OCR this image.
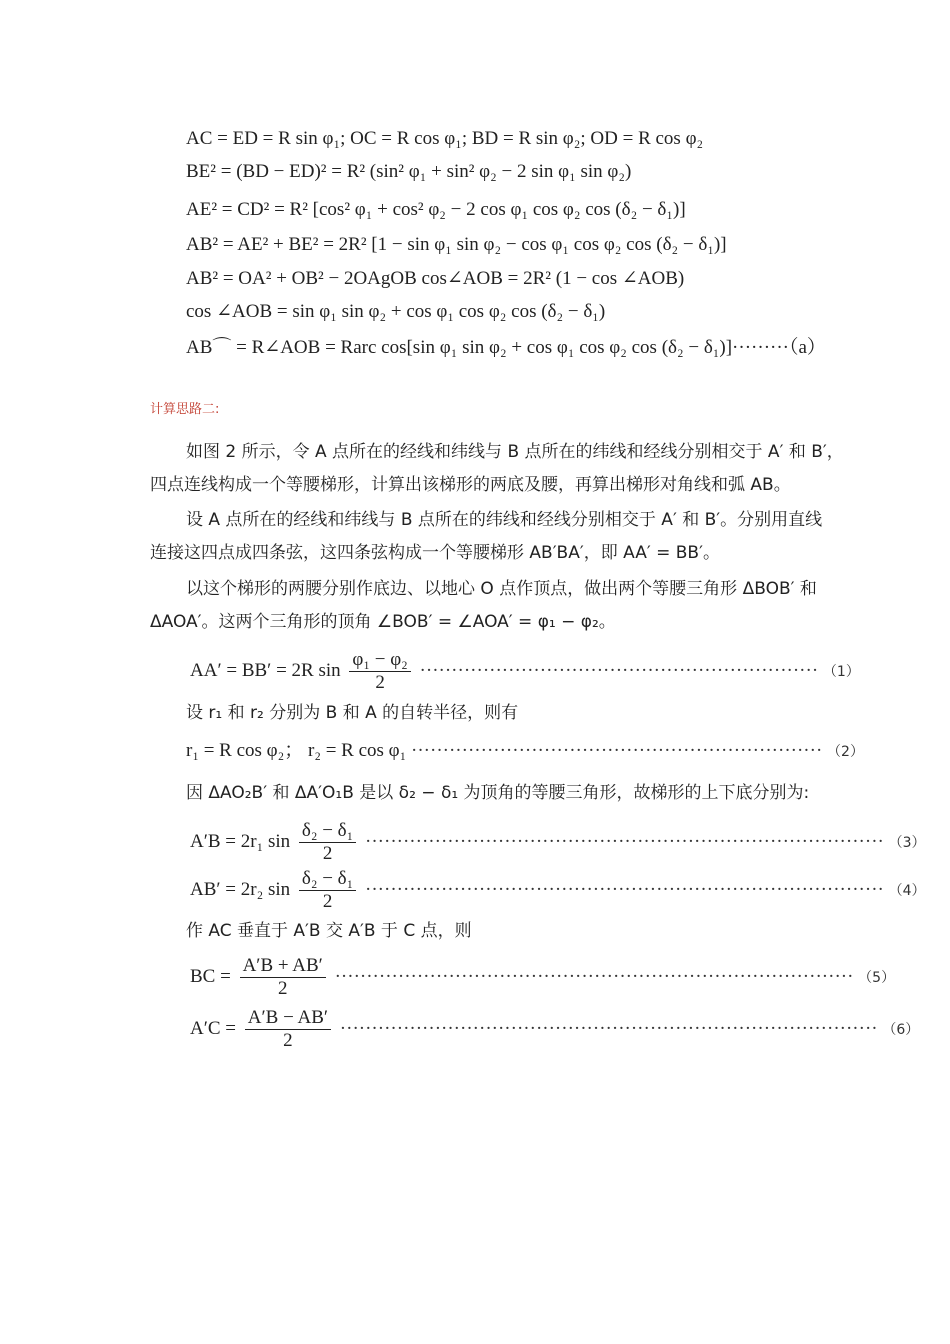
AC = ED = R sin φ₁; OC = R cos φ₁; BD = R sin φ₂; OD = R cos φ₂
BE² = (BD − ED)² = R² (sin² φ₁ + sin² φ₂ − 2 sin φ₁ sin φ₂)
AE² = CD² = R² [cos² φ₁ + cos² φ₂ − 2 cos φ₁ cos φ₂ cos (δ₂ − δ₁)]
AB² = AE² + BE² = 2R² [1 − sin φ₁ sin φ₂ − cos φ₁ cos φ₂ cos (δ₂ − δ₁)]
AB² = OA² + OB² − 2OAgOB cos∠AOB = 2R² (1 − cos ∠AOB)
cos ∠AOB = sin φ₁ sin φ₂ + cos φ₁ cos φ₂ cos (δ₂ − δ₁)
AB⌒ = R∠AOB = Rarc cos[sin φ₁ sin φ₂ + cos φ₁ cos φ₂ cos (δ₂ − δ₁)]·········（a）
计算思路二:
如图 2 所示，令 A 点所在的经线和纬线与 B 点所在的纬线和经线分别相交于 A′ 和 B′，
四点连线构成一个等腰梯形，计算出该梯形的两底及腰，再算出梯形对角线和弧 AB。
设 A 点所在的经线和纬线与 B 点所在的纬线和经线分别相交于 A′ 和 B′。分别用直线
连接这四点成四条弦，这四条弦构成一个等腰梯形 AB′BA′，即 AA′ = BB′。
以这个梯形的两腰分别作底边、以地心 O 点作顶点，做出两个等腰三角形 ΔBOB′ 和
ΔAOA′。这两个三角形的顶角 ∠BOB′ = ∠AOA′ = φ₁ − φ₂。
AA′ = BB′ = 2R $\sin \frac{\text{φ₁ − φ₂}}{2}$ ······························································· （1）
设 r₁ 和 r₂ 分别为 B 和 A 的自转半径，则有
r₁ = R cos φ₂； r₂ = R cos φ₁ ································································· （2）
因 ΔAO₂B′ 和 ΔA′O₁B 是以 δ₂ − δ₁ 为顶角的等腰三角形，故梯形的上下底分别为:
A′B = 2r₁ $\sin \frac{\text{δ₂ − δ₁}}{2}$ ·················································································· （3）
AB′ = 2r₂ $\sin \frac{\text{δ₂ − δ₁}}{2}$ ·················································································· （4）
作 AC 垂直于 A′B 交 A′B 于 C 点，则
BC = $\frac{A'B + AB'}{2}$ ·················································································· （5）
$A'C = \frac{A'B - AB'}{2}$ ····················································································· （6）
